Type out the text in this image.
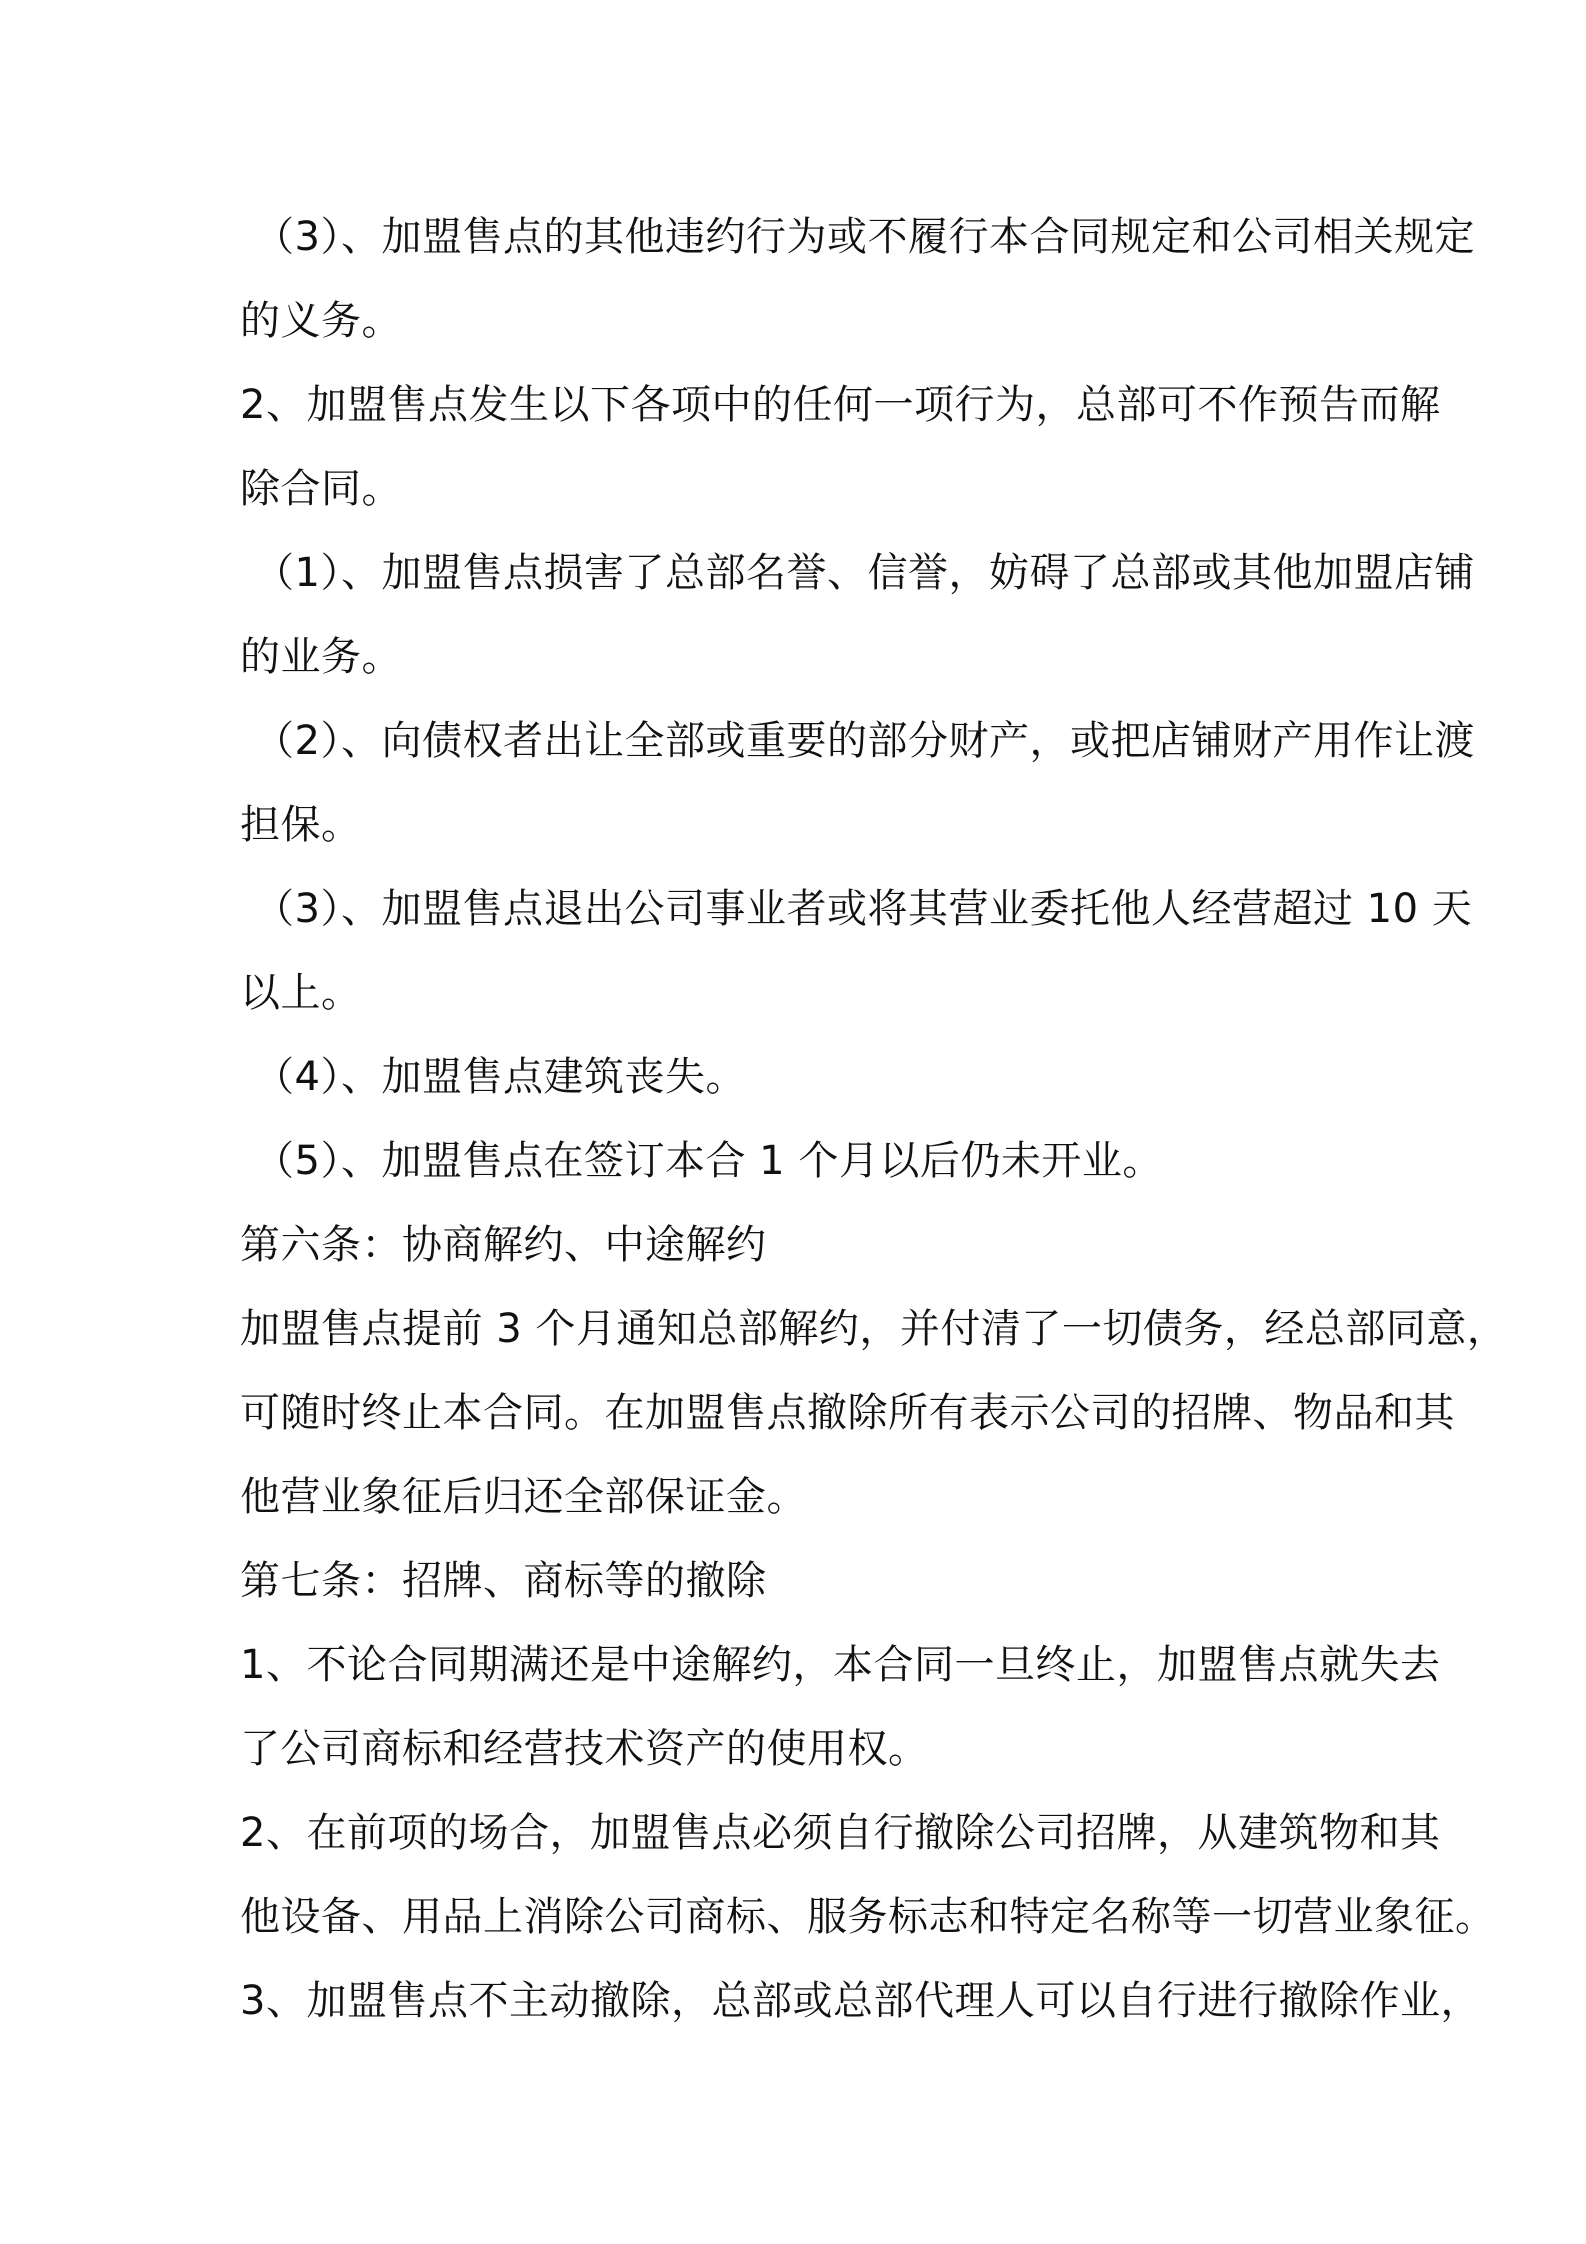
（3）、加盟售点的其他违约行为或不履行本合同规定和公司相关规定
的义务。
2、加盟售点发生以下各项中的任何一项行为，总部可不作预告而解
除合同。
（1）、加盟售点损害了总部名誉、信誉，妨碍了总部或其他加盟店铺
的业务。
（2）、向债权者出让全部或重要的部分财产，或把店铺财产用作让渡
担保。
（3）、加盟售点退出公司事业者或将其营业委托他人经营超过 10 天
以上。
（4）、加盟售点建筑丧失。
（5）、加盟售点在签订本合 1 个月以后仍未开业。
第六条：协商解约、中途解约
加盟售点提前 3 个月通知总部解约，并付清了一切债务，经总部同意，
可随时终止本合同。在加盟售点撤除所有表示公司的招牌、物品和其
他营业象征后归还全部保证金。
第七条：招牌、商标等的撤除
1、不论合同期满还是中途解约，本合同一旦终止，加盟售点就失去
了公司商标和经营技术资产的使用权。
2、在前项的场合，加盟售点必须自行撤除公司招牌，从建筑物和其
他设备、用品上消除公司商标、服务标志和特定名称等一切营业象征。
3、加盟售点不主动撤除，总部或总部代理人可以自行进行撤除作业，
